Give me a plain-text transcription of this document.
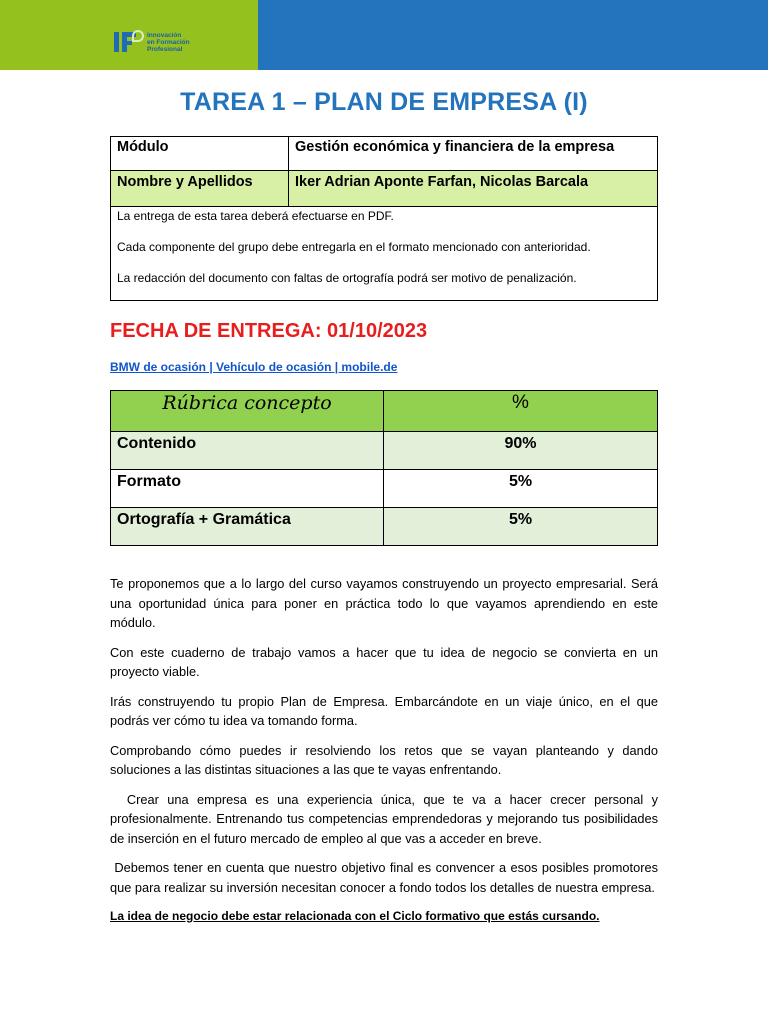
Innovación
en Formación
Profesional
TAREA 1 – PLAN DE EMPRESA (I)
Módulo	Gestión económica y financiera de la empresa
Nombre y Apellidos	Iker Adrian Aponte Farfan, Nicolas Barcala

La entrega de esta tarea deberá efectuarse en PDF.

Cada componente del grupo debe entregarla en el formato mencionado con anterioridad.

La redacción del documento con faltas de ortografía podrá ser motivo de penalización.	

FECHA DE ENTREGA: 01/10/2023
BMW de ocasión | Vehículo de ocasión | mobile.de
Rúbrica concepto	%
Contenido	90%
Formato	5%
Ortografía + Gramática	5%

Te proponemos que a lo largo del curso vayamos construyendo un proyecto empresarial. Será una oportunidad única para poner en práctica todo lo que vayamos aprendiendo en este módulo.

Con este cuaderno de trabajo vamos a hacer que tu idea de negocio se convierta en un proyecto viable.

Irás construyendo tu propio Plan de Empresa. Embarcándote en un viaje único, en el que podrás ver cómo tu idea va tomando forma.

Comprobando cómo puedes ir resolviendo los retos que se vayan planteando y dando soluciones a las distintas situaciones a las que te vayas enfrentando.

Crear una empresa es una experiencia única, que te va a hacer crecer personal y profesionalmente. Entrenando tus competencias emprendedoras y mejorando tus posibilidades de inserción en el futuro mercado de empleo al que vas a acceder en breve.

Debemos tener en cuenta que nuestro objetivo final es convencer a esos posibles promotores que para realizar su inversión necesitan conocer a fondo todos los detalles de nuestra empresa.

La idea de negocio debe estar relacionada con el Ciclo formativo que estás cursando.
